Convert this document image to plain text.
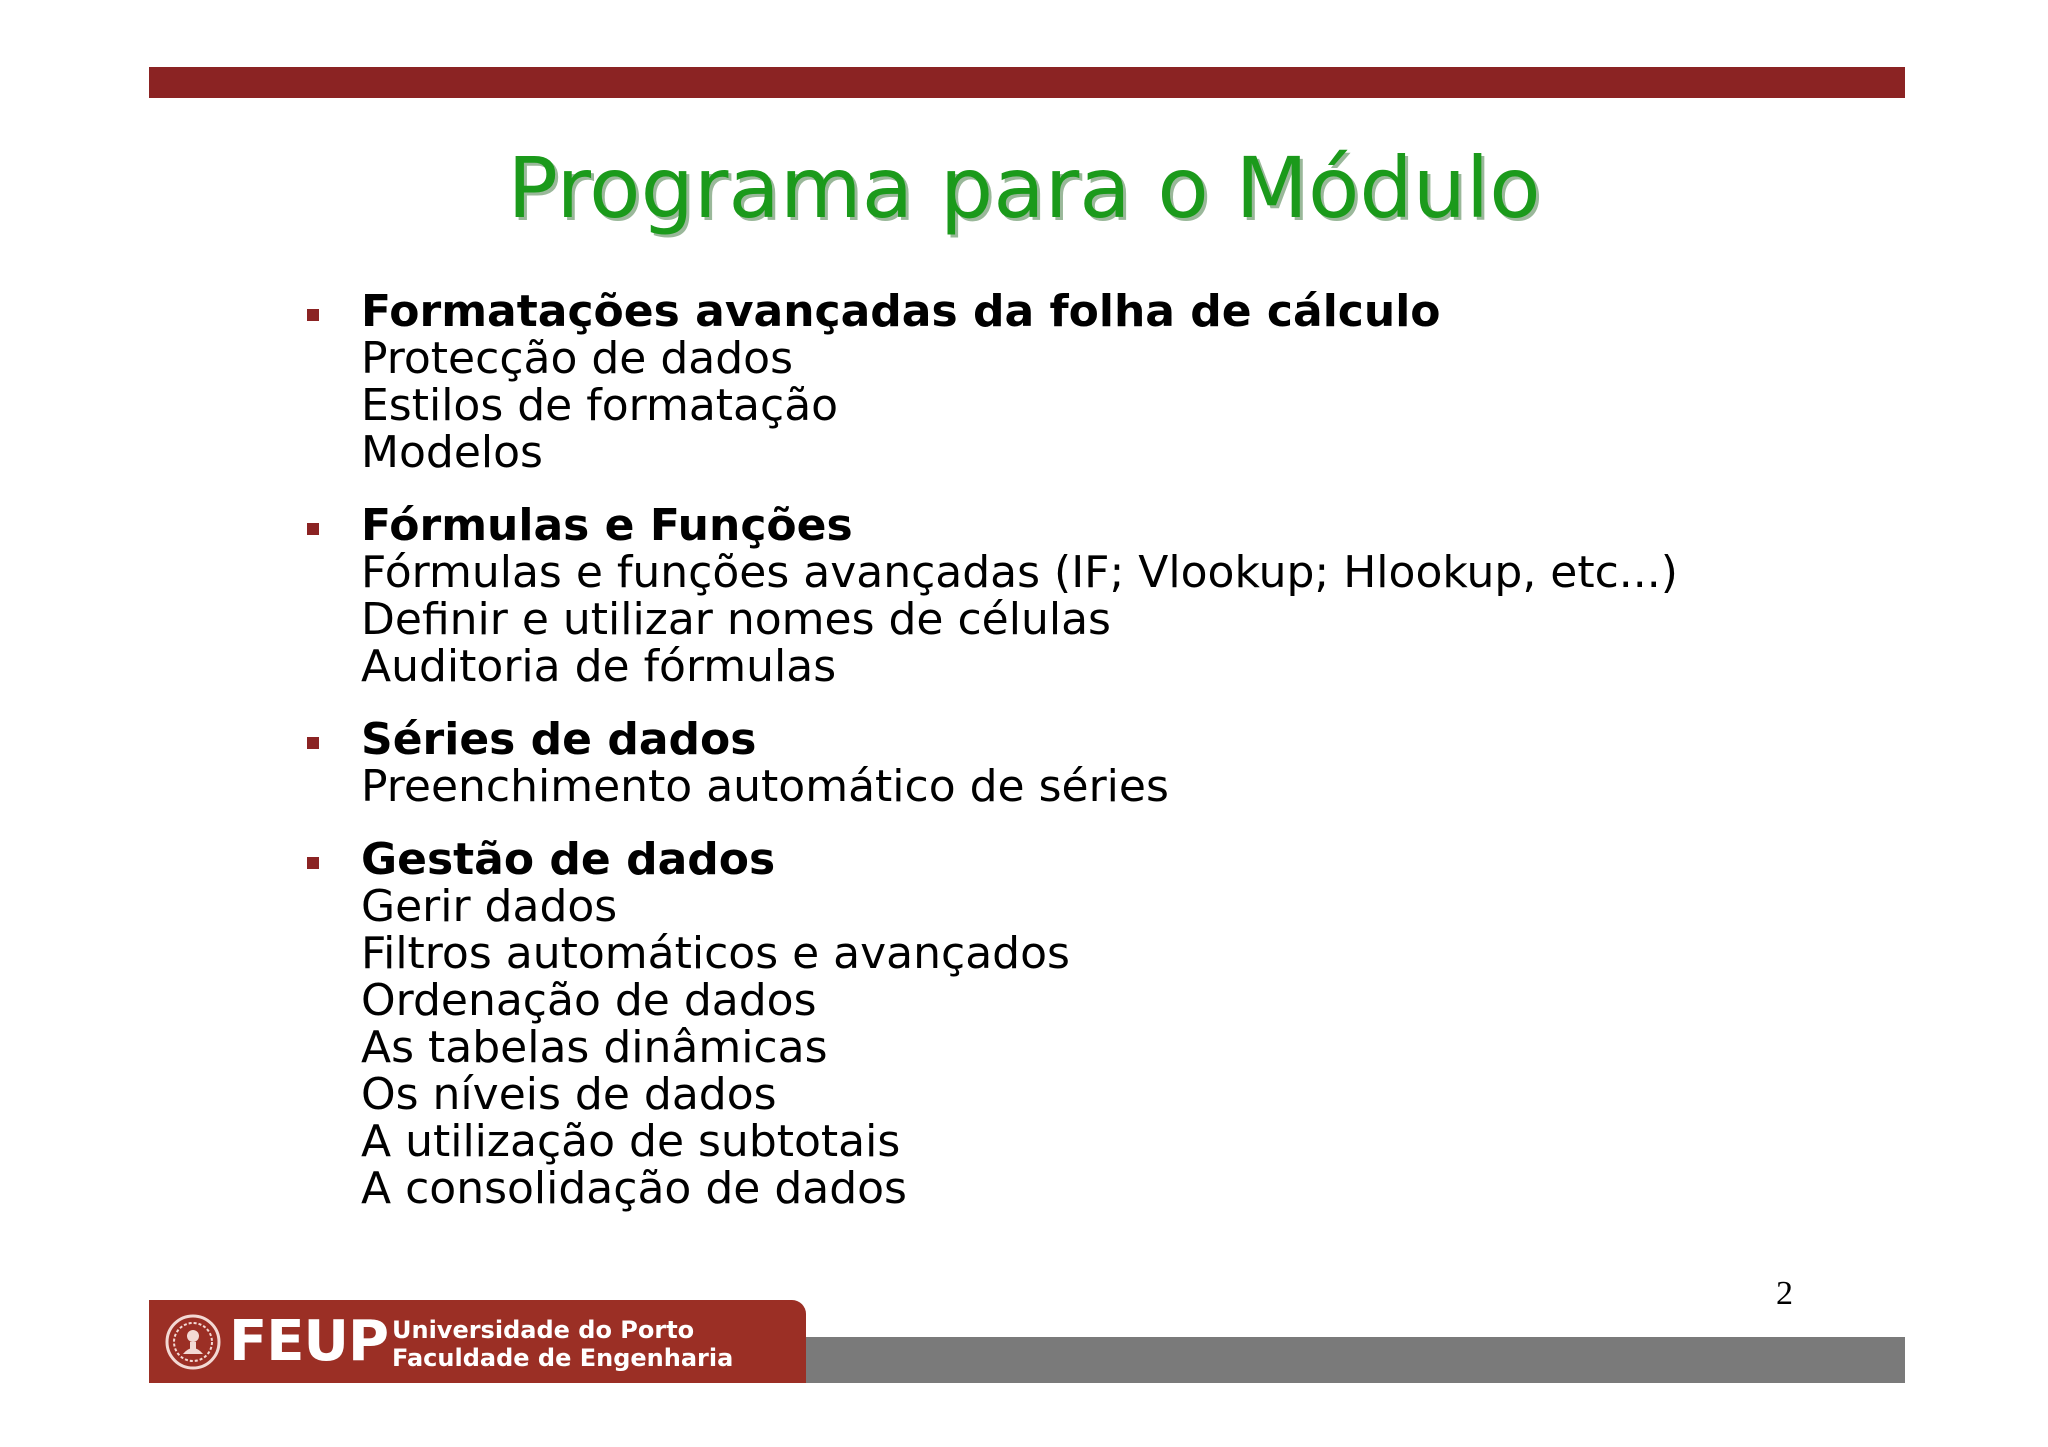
Programa para o Módulo
Formatações avançadas da folha de cálculo
Protecção de dados
Estilos de formatação
Modelos
Fórmulas e Funções
Fórmulas e funções avançadas (IF; Vlookup; Hlookup, etc...)
Definir e utilizar nomes de células
Auditoria de fórmulas
Séries de dados
Preenchimento automático de séries
Gestão de dados
Gerir dados
Filtros automáticos e avançados
Ordenação de dados
As tabelas dinâmicas
Os níveis de dados
A utilização de subtotais
A consolidação de dados
2
FEUP Universidade do Porto
Faculdade de Engenharia
